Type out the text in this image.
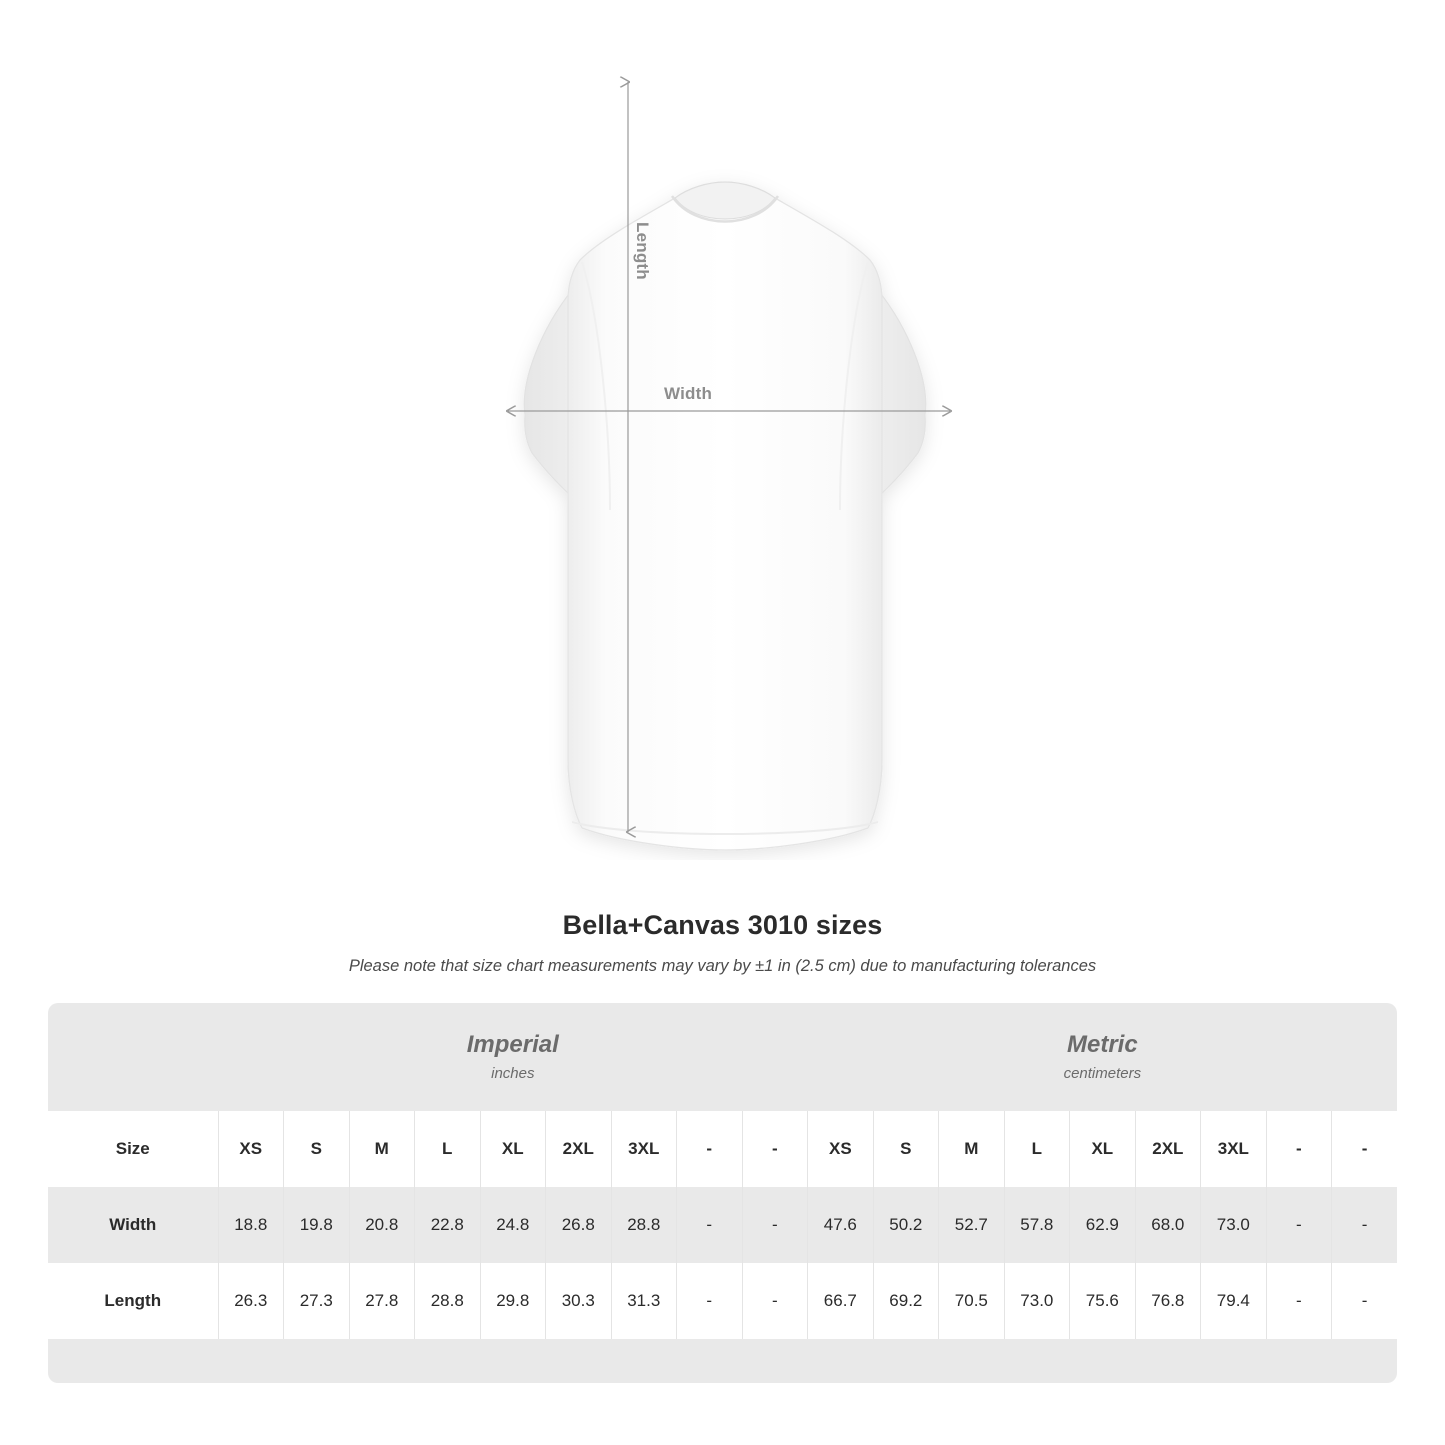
Length
Width
Bella+Canvas 3010 sizes
Please note that size chart measurements may vary by ±1 in (2.5 cm) due to manufacturing tolerances

Imperial
inches

Metric
centimeters

Size	XS	S	M	L	XL	2XL	3XL	-	-	XS	S	M	L	XL	2XL	3XL	-	-
Width	18.8	19.8	20.8	22.8	24.8	26.8	28.8	-	-	47.6	50.2	52.7	57.8	62.9	68.0	73.0	-	-
Length	26.3	27.3	27.8	28.8	29.8	30.3	31.3	-	-	66.7	69.2	70.5	73.0	75.6	76.8	79.4	-	-
